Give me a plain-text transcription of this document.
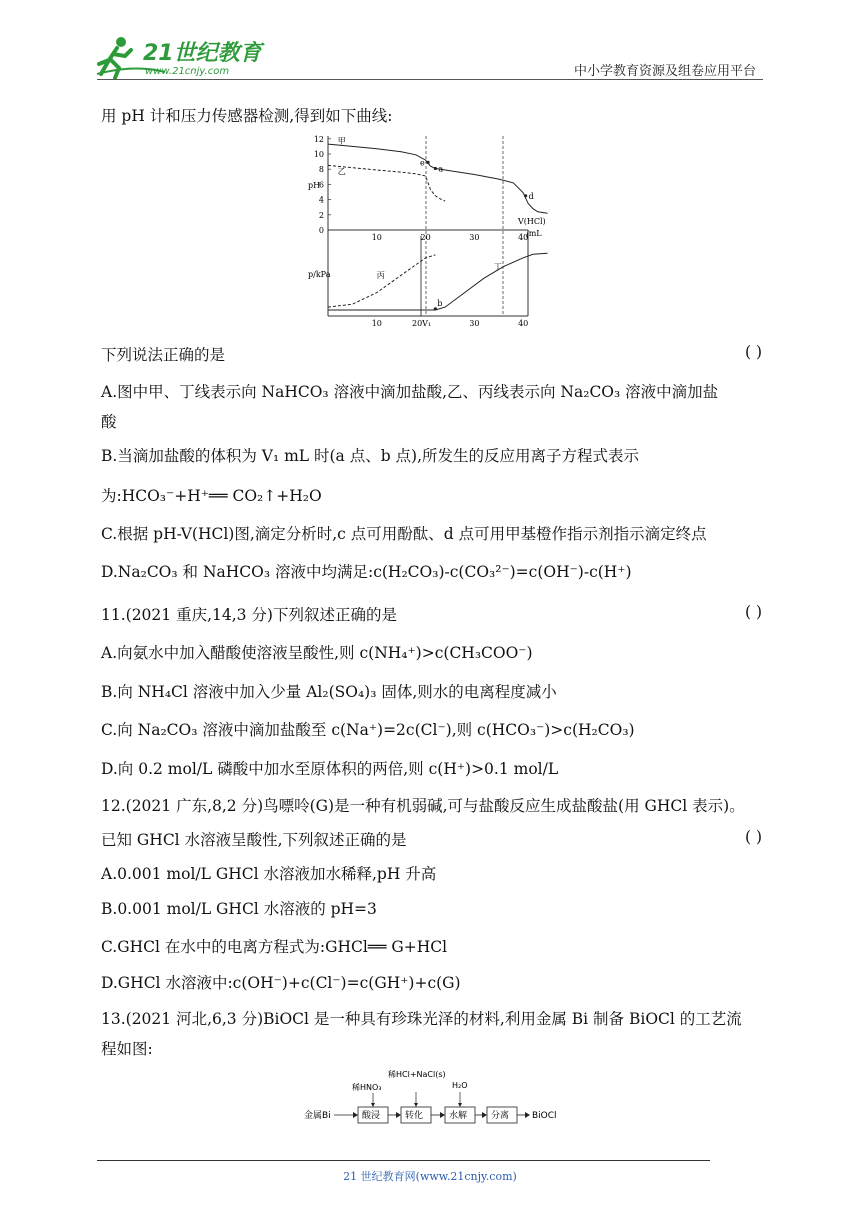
21世纪教育
www.21cnjy.com	中小学教育资源及组卷应用平台
用 pH 计和压力传感器检测,得到如下曲线:
12
10
8
6
4
2
0
10	20	30	40
10	20V₁	30	40
pH
p/kPa
V(HCl)
/mL
甲
乙
丙
丁
e
a
d
b
下列说法正确的是	( )
A.图中甲、丁线表示向 NaHCO₃ 溶液中滴加盐酸,乙、丙线表示向 Na₂CO₃ 溶液中滴加盐
酸
B.当滴加盐酸的体积为 V₁ mL 时(a 点、b 点),所发生的反应用离子方程式表示
为:HCO₃⁻+H⁺══ CO₂↑+H₂O
C.根据 pH-V(HCl)图,滴定分析时,c 点可用酚酞、d 点可用甲基橙作指示剂指示滴定终点
D.Na₂CO₃ 和 NaHCO₃ 溶液中均满足:c(H₂CO₃)-c(CO₃²⁻)=c(OH⁻)-c(H⁺)
11.(2021 重庆,14,3 分)下列叙述正确的是	( )
A.向氨水中加入醋酸使溶液呈酸性,则 c(NH₄⁺)>c(CH₃COO⁻)
B.向 NH₄Cl 溶液中加入少量 Al₂(SO₄)₃ 固体,则水的电离程度减小
C.向 Na₂CO₃ 溶液中滴加盐酸至 c(Na⁺)=2c(Cl⁻),则 c(HCO₃⁻)>c(H₂CO₃)
D.向 0.2 mol/L 磷酸中加水至原体积的两倍,则 c(H⁺)>0.1 mol/L
12.(2021 广东,8,2 分)鸟嘌呤(G)是一种有机弱碱,可与盐酸反应生成盐酸盐(用 GHCl 表示)。
已知 GHCl 水溶液呈酸性,下列叙述正确的是	( )
A.0.001 mol/L GHCl 水溶液加水稀释,pH 升高
B.0.001 mol/L GHCl 水溶液的 pH=3
C.GHCl 在水中的电离方程式为:GHCl══ G+HCl
D.GHCl 水溶液中:c(OH⁻)+c(Cl⁻)=c(GH⁺)+c(G)
13.(2021 河北,6,3 分)BiOCl 是一种具有珍珠光泽的材料,利用金属 Bi 制备 BiOCl 的工艺流
程如图:
金属Bi	酸浸	转化	水解	分离	BiOCl
稀HNO₃
稀HCl+NaCl(s)
H₂O
21 世纪教育网(www.21cnjy.com)
